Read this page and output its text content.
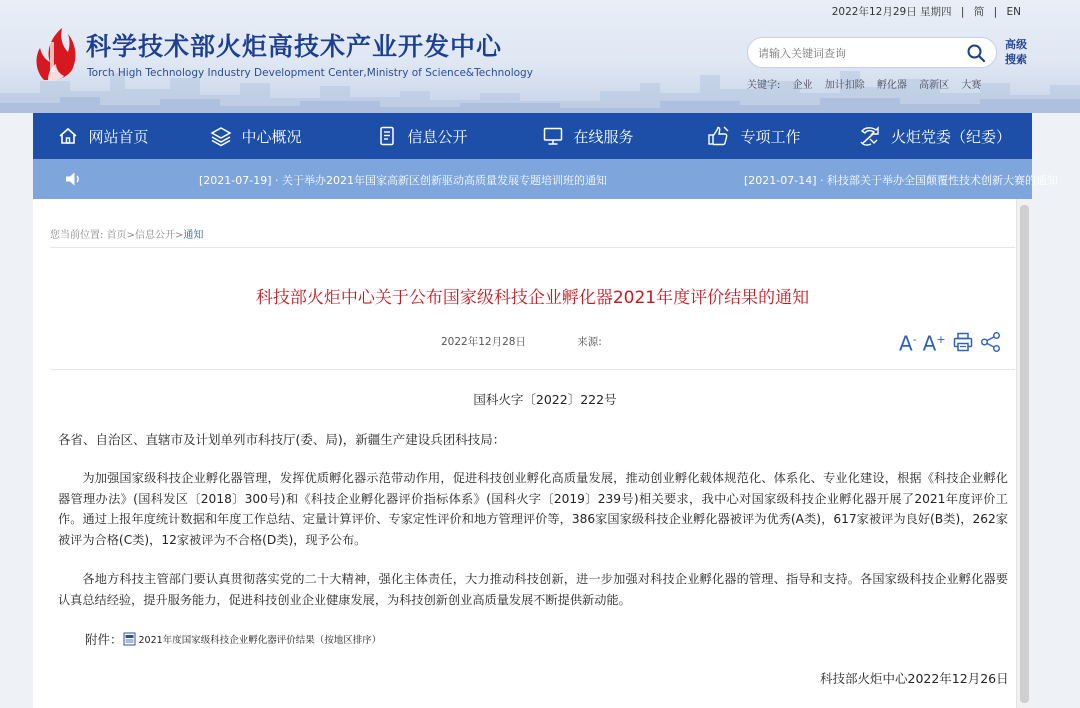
科学技术部火炬高技术产业开发中心
Torch High Technology Industry Development Center,Ministry of Science&Technology
2022年12月29日 星期四 | 简 | EN
请输入关键词查询
高级搜索
关键字: 企业 加计扣除 孵化器 高新区 大赛
网站首页	中心概况	信息公开	在线服务	专项工作	火炬党委（纪委）
[2021-07-19] · 关于举办2021年国家高新区创新驱动高质量发展专题培训班的通知	[2021-07-14] · 科技部关于举办全国颠覆性技术创新大赛的通知
您当前位置: 首页>信息公开>通知
科技部火炬中心关于公布国家级科技企业孵化器2021年度评价结果的通知
2022年12月28日	来源:	A- A+
国科火字〔2022〕222号
各省、自治区、直辖市及计划单列市科技厅(委、局)，新疆生产建设兵团科技局：
为加强国家级科技企业孵化器管理，发挥优质孵化器示范带动作用，促进科技创业孵化高质量发展，推动创业孵化载体规范化、体系化、专业化建设，根据《科技企业孵化器管理办法》(国科发区〔2018〕300号)和《科技企业孵化器评价指标体系》(国科火字〔2019〕239号)相关要求，我中心对国家级科技企业孵化器开展了2021年度评价工作。通过上报年度统计数据和年度工作总结、定量计算评价、专家定性评价和地方管理评价等，386家国家级科技企业孵化器被评为优秀(A类)，617家被评为良好(B类)，262家被评为合格(C类)，12家被评为不合格(D类)，现予公布。
各地方科技主管部门要认真贯彻落实党的二十大精神，强化主体责任，大力推动科技创新，进一步加强对科技企业孵化器的管理、指导和支持。各国家级科技企业孵化器要认真总结经验，提升服务能力，促进科技创业企业健康发展，为科技创新创业高质量发展不断提供新动能。
附件： 2021年度国家级科技企业孵化器评价结果（按地区排序）
科技部火炬中心2022年12月26日
